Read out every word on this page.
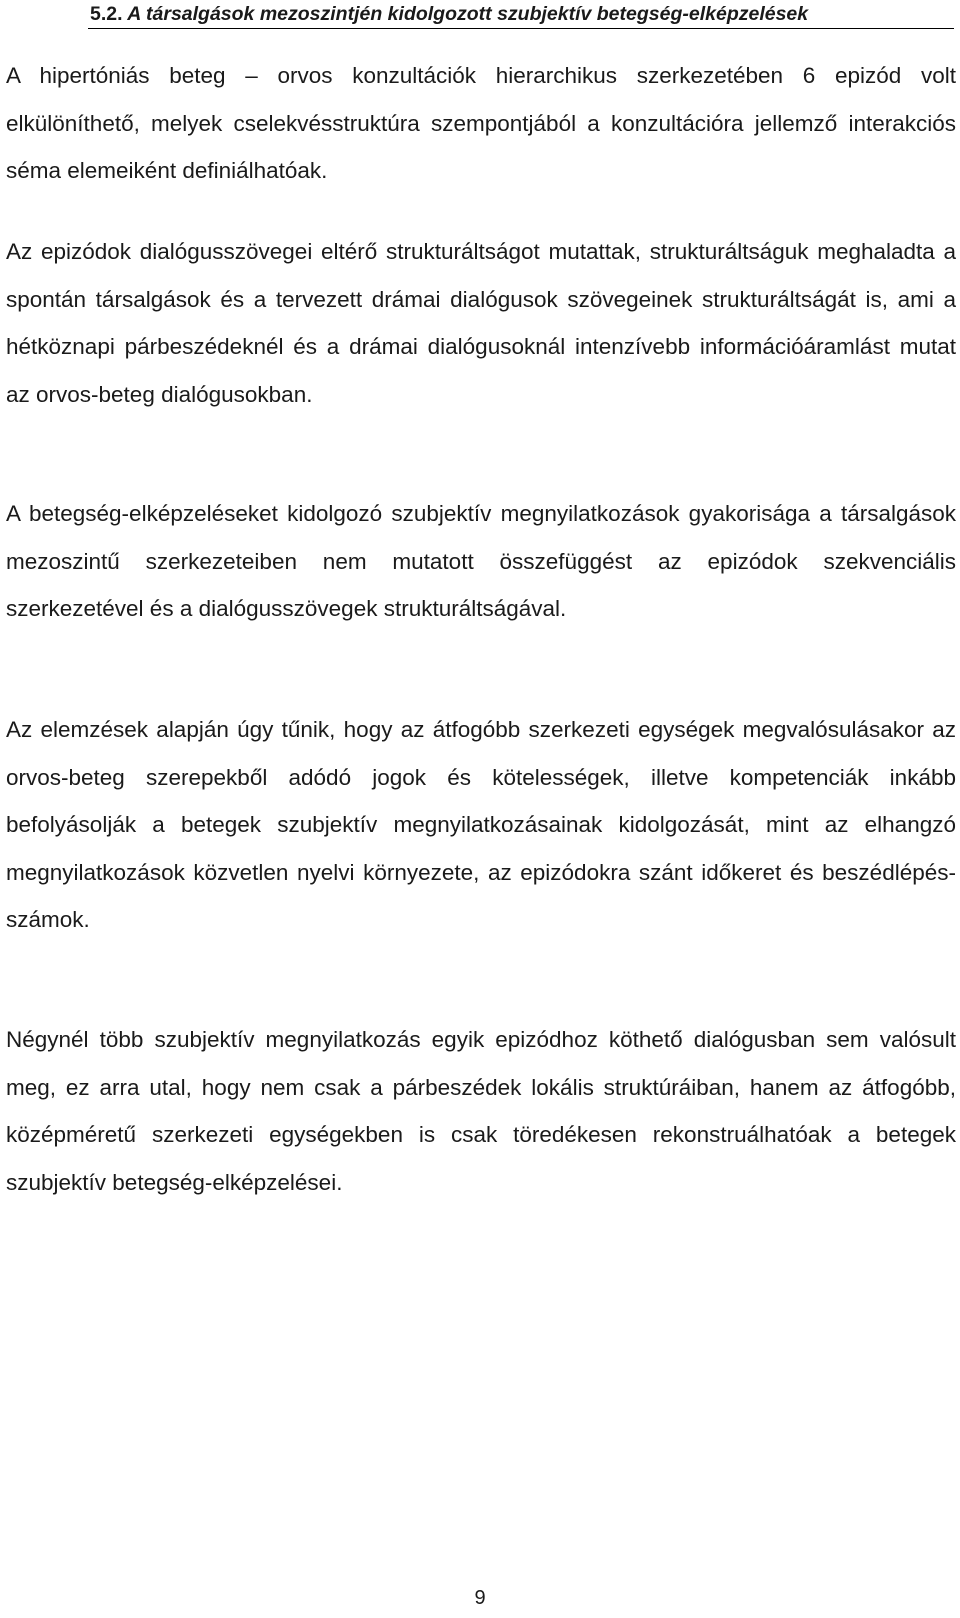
5.2. A társalgások mezoszintjén kidolgozott szubjektív betegség-elképzelések

A hipertóniás beteg – orvos konzultációk hierarchikus szerkezetében 6 epizód volt elkülöníthető, melyek cselekvésstruktúra szempontjából a konzultációra jellemző interakciós séma elemeiként definiálhatóak.

Az epizódok dialógusszövegei eltérő strukturáltságot mutattak, strukturáltságuk meghaladta a spontán társalgások és a tervezett drámai dialógusok szövegeinek strukturáltságát is, ami a hétköznapi párbeszédeknél és a drámai dialógusoknál intenzívebb információáramlást mutat az orvos-beteg dialógusokban.

A betegség-elképzeléseket kidolgozó szubjektív megnyilatkozások gyakorisága a társalgások mezoszintű szerkezeteiben nem mutatott összefüggést az epizódok szekvenciális szerkezetével és a dialógusszövegek strukturáltságával.

Az elemzések alapján úgy tűnik, hogy az átfogóbb szerkezeti egységek megvalósulásakor az orvos-beteg szerepekből adódó jogok és kötelességek, illetve kompetenciák inkább befolyásolják a betegek szubjektív megnyilatkozásainak kidolgozását, mint az elhangzó megnyilatkozások közvetlen nyelvi környezete, az epizódokra szánt időkeret és beszédlépés-számok.

Négynél több szubjektív megnyilatkozás egyik epizódhoz köthető dialógusban sem valósult meg, ez arra utal, hogy nem csak a párbeszédek lokális struktúráiban, hanem az átfogóbb, középméretű szerkezeti egységekben is csak töredékesen rekonstruálhatóak a betegek szubjektív betegség-elképzelései.

9
